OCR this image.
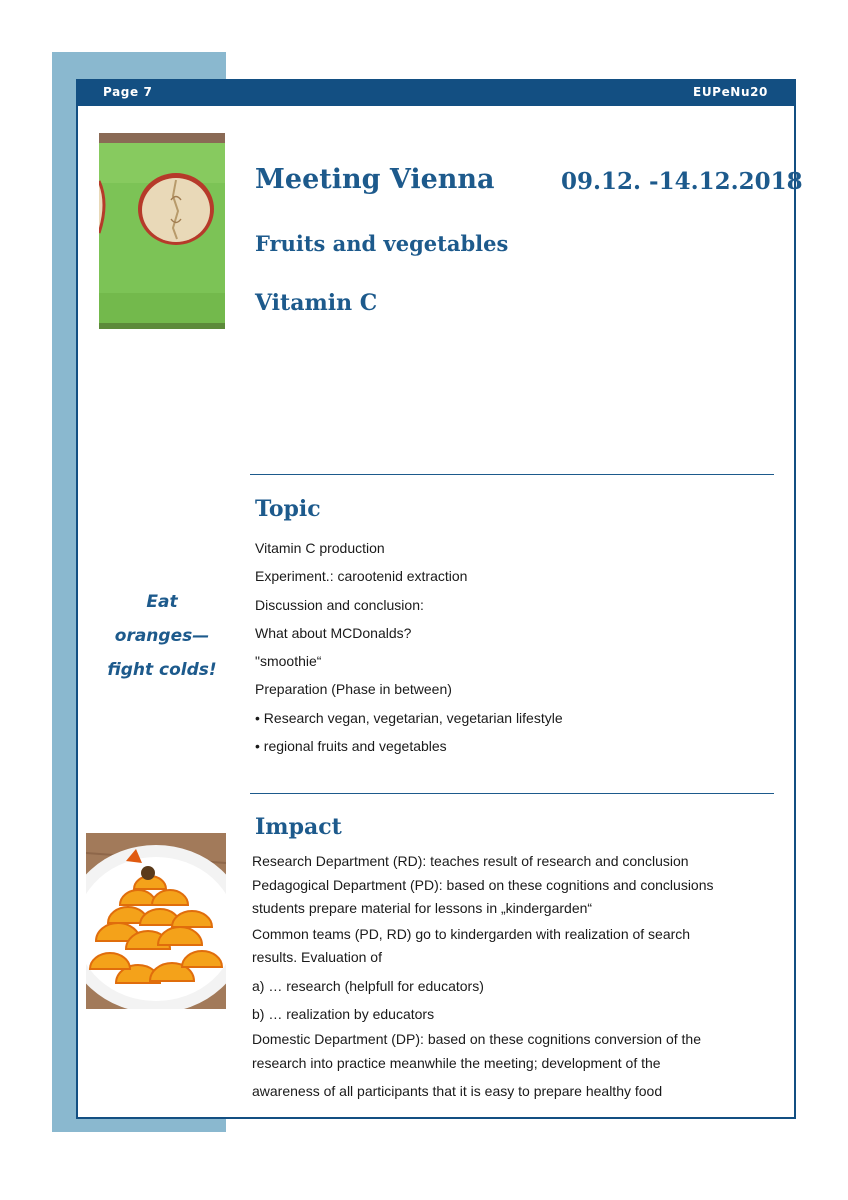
Page 7	EUPeNu20
Meeting Vienna	09.12. -14.12.2018
Fruits and vegetables
Vitamin C
Topic
Vitamin C production
Experiment.: carootenid extraction
Discussion and conclusion:
What about MCDonalds?
"smoothie“
Preparation (Phase in between)
• Research vegan, vegetarian, vegetarian lifestyle
• regional fruits and vegetables
Eat
oranges—
fight colds!
Impact
Research Department (RD): teaches result of research and conclusion
Pedagogical Department (PD): based on these cognitions and conclusions
students prepare material for lessons in „kindergarden“
Common teams (PD, RD) go to kindergarden with realization of search
results. Evaluation of
a) … research (helpfull for educators)
b) … realization by educators
Domestic Department (DP): based on these cognitions conversion of the
research into practice meanwhile the meeting; development of the
awareness of all participants that it is easy to prepare healthy food
